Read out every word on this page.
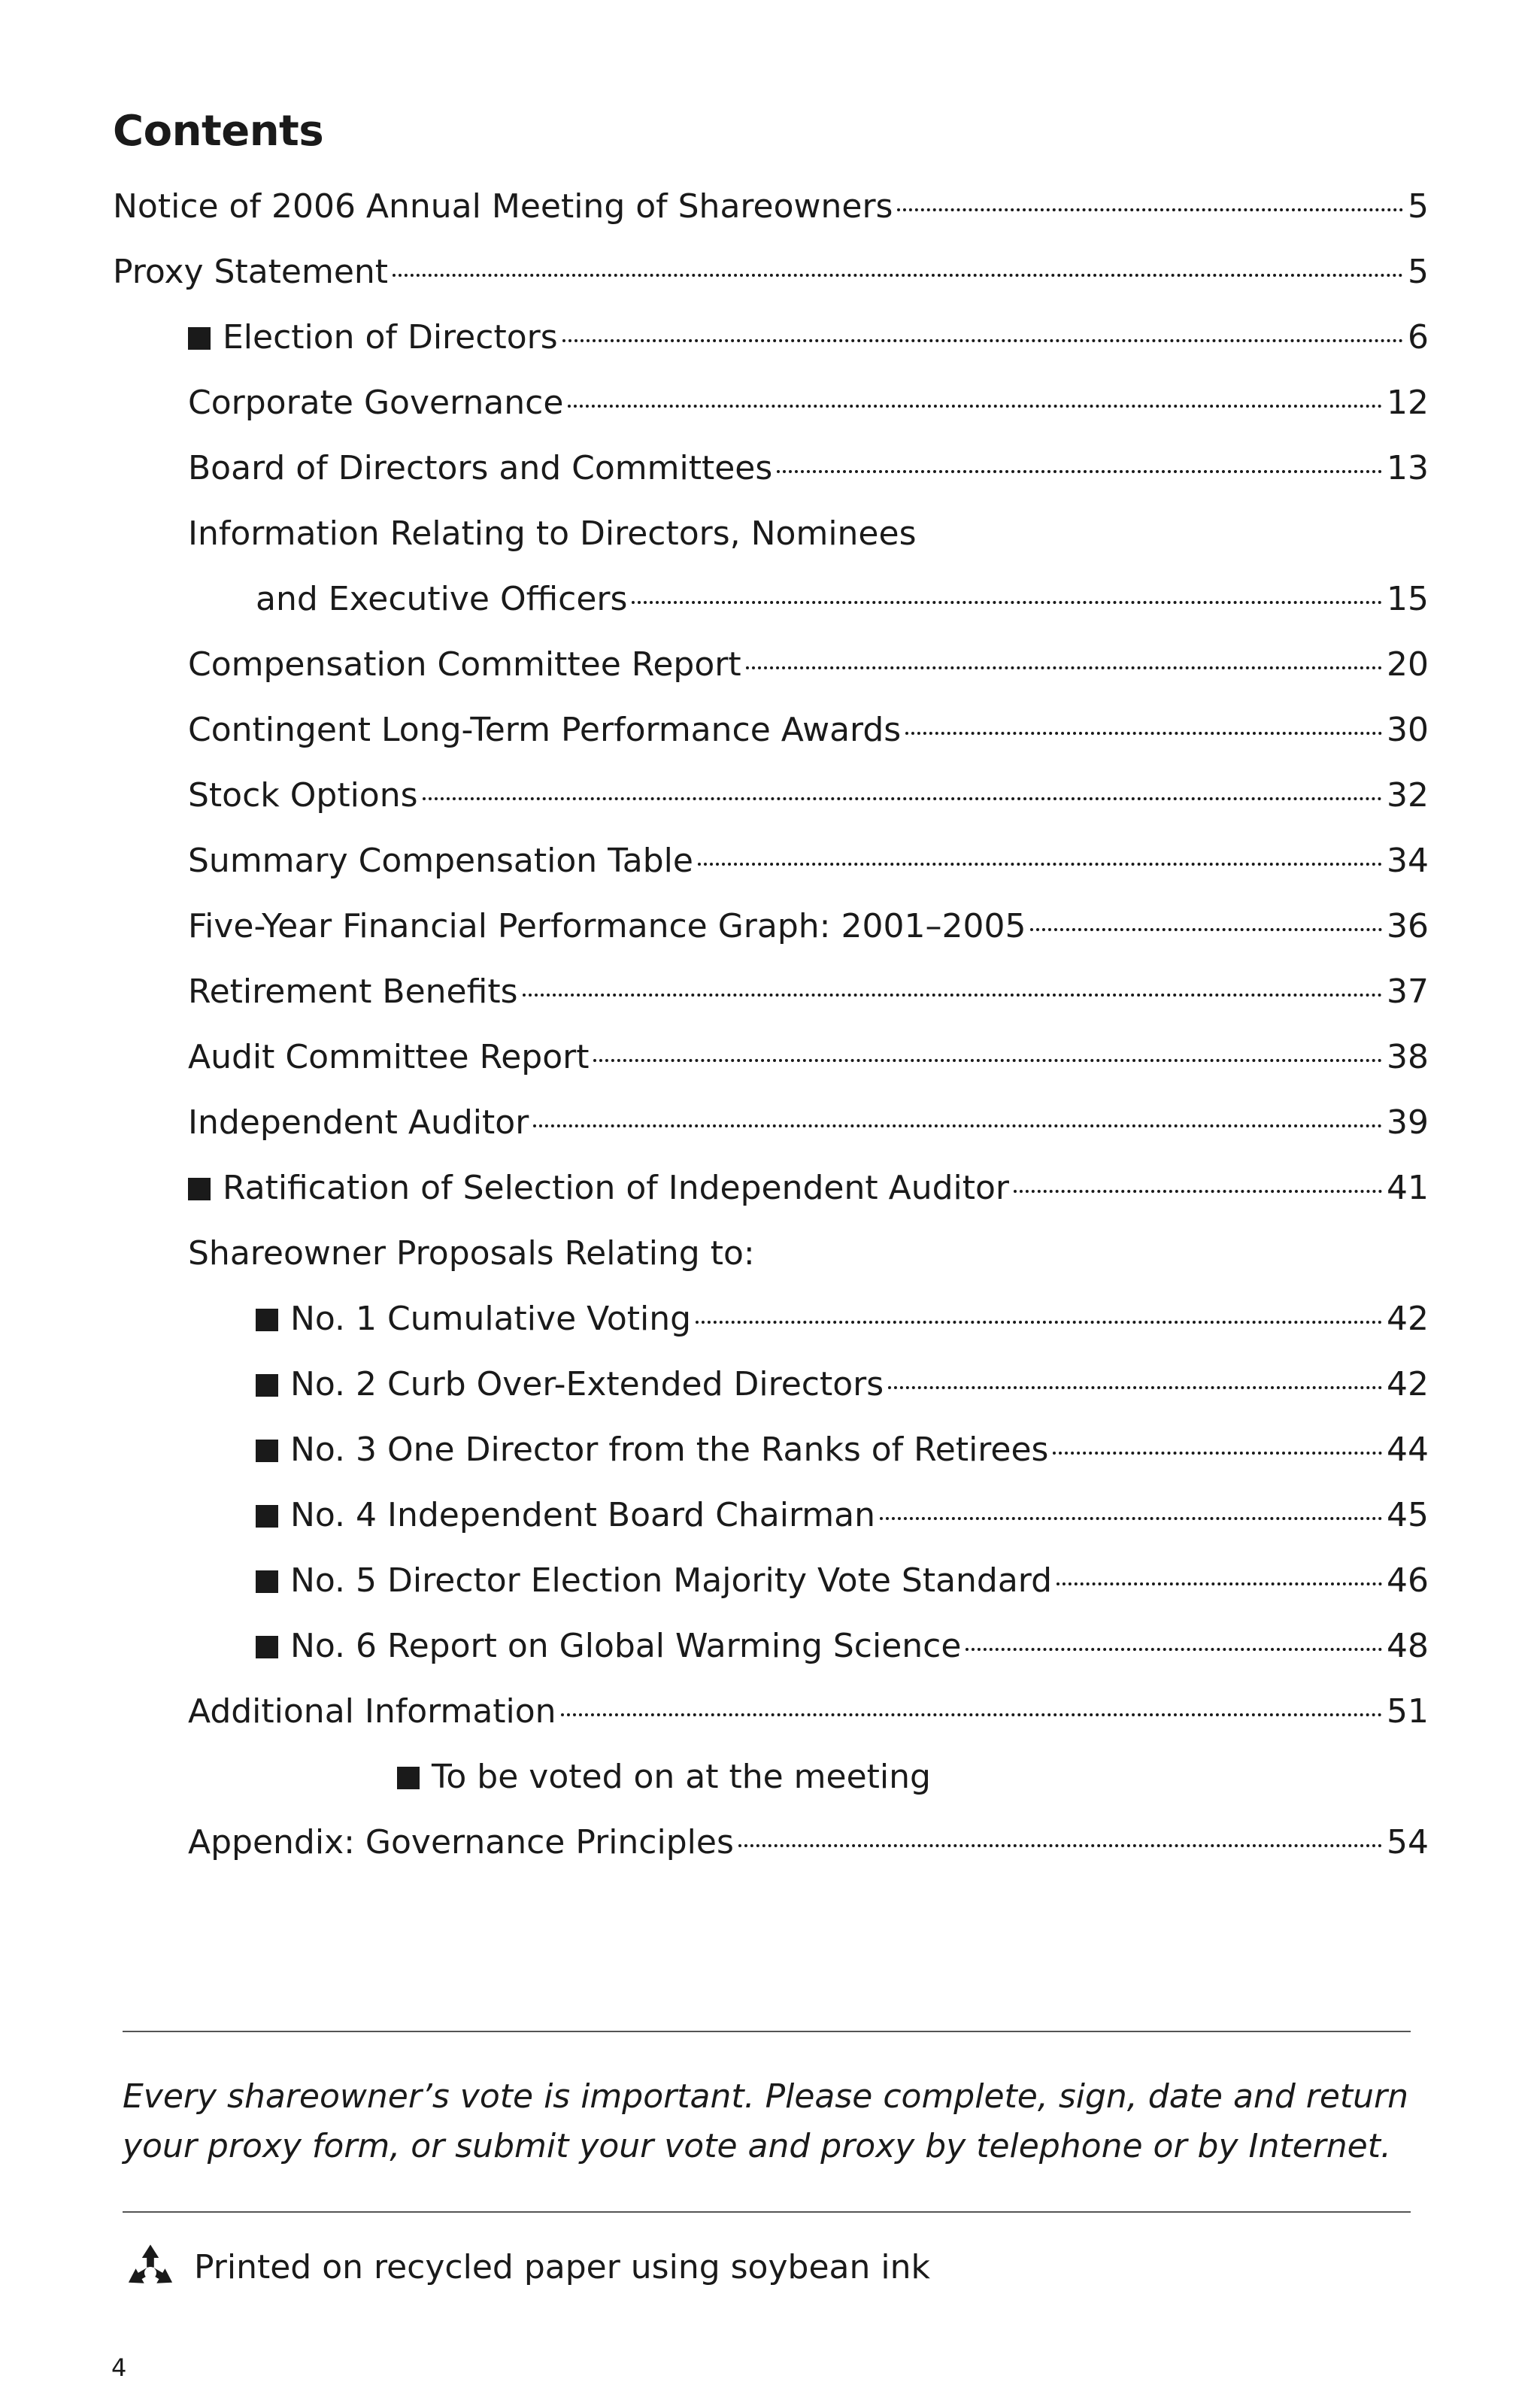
Contents
Notice of 2006 Annual Meeting of Shareowners	5
Proxy Statement	5
Election of Directors	6
Corporate Governance	12
Board of Directors and Committees	13
Information Relating to Directors, Nominees
and Executive Officers	15
Compensation Committee Report	20
Contingent Long-Term Performance Awards	30
Stock Options	32
Summary Compensation Table	34
Five-Year Financial Performance Graph: 2001–2005	36
Retirement Benefits	37
Audit Committee Report	38
Independent Auditor	39
Ratification of Selection of Independent Auditor	41
Shareowner Proposals Relating to:
No. 1 Cumulative Voting	42
No. 2 Curb Over-Extended Directors	42
No. 3 One Director from the Ranks of Retirees	44
No. 4 Independent Board Chairman	45
No. 5 Director Election Majority Vote Standard	46
No. 6 Report on Global Warming Science	48
Additional Information	51
To be voted on at the meeting
Appendix: Governance Principles	54
Every shareowner’s vote is important. Please complete, sign, date and return
your proxy form, or submit your vote and proxy by telephone or by Internet.
Printed on recycled paper using soybean ink
4
